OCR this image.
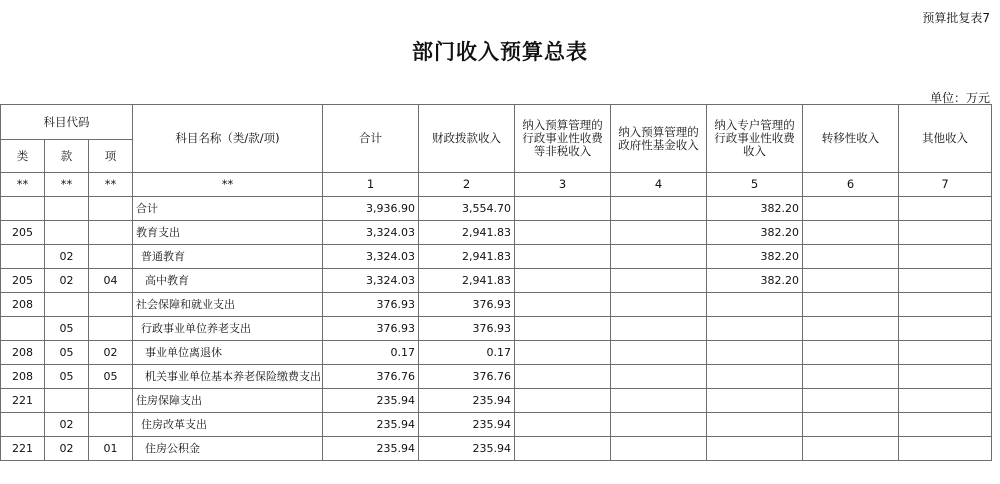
预算批复表7
部门收入预算总表
单位：万元
科目代码			科目名称（类/款/项)	合计	财政拨款收入	纳入预算管理的行政事业性收费等非税收入	纳入预算管理的政府性基金收入	纳入专户管理的行政事业性收费收入	转移性收入	其他收入
类	款	项								
**	**	**	**	1	2	3	4	5	6	7
			合计	3,936.90	3,554.70			382.20		
205			教育支出	3,324.03	2,941.83			382.20		
	02		普通教育	3,324.03	2,941.83			382.20		
205	02	04	高中教育	3,324.03	2,941.83			382.20		
208			社会保障和就业支出	376.93	376.93					
	05		行政事业单位养老支出	376.93	376.93					
208	05	02	事业单位离退休	0.17	0.17					
208	05	05	机关事业单位基本养老保险缴费支出	376.76	376.76					
221			住房保障支出	235.94	235.94					
	02		住房改革支出	235.94	235.94					
221	02	01	住房公积金	235.94	235.94					
